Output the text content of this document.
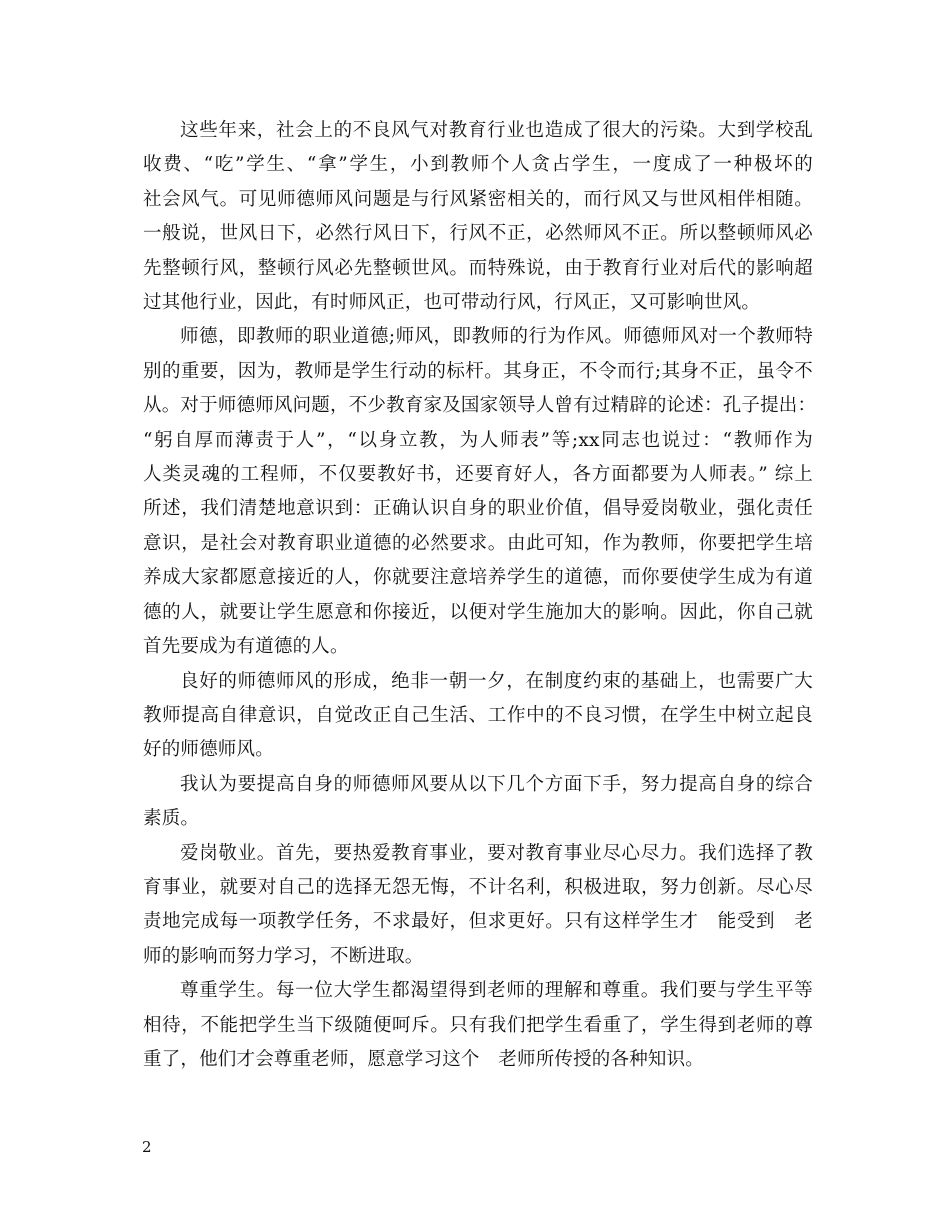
这些年来，社会上的不良风气对教育行业也造成了很大的污染。大到学校乱
收费、“吃”学生、“拿”学生，小到教师个人贪占学生，一度成了一种极坏的
社会风气。可见师德师风问题是与行风紧密相关的，而行风又与世风相伴相随。
一般说，世风日下，必然行风日下，行风不正，必然师风不正。所以整顿师风必
先整顿行风，整顿行风必先整顿世风。而特殊说，由于教育行业对后代的影响超
过其他行业，因此，有时师风正，也可带动行风，行风正，又可影响世风。
师德，即教师的职业道德;师风，即教师的行为作风。师德师风对一个教师特
别的重要，因为，教师是学生行动的标杆。其身正，不令而行;其身不正，虽令不
从。对于师德师风问题，不少教育家及国家领导人曾有过精辟的论述：孔子提出：
“躬自厚而薄责于人”，“以身立教，为人师表”等;xx同志也说过：“教师作为
人类灵魂的工程师，不仅要教好书，还要育好人，各方面都要为人师表。” 综上
所述，我们清楚地意识到：正确认识自身的职业价值，倡导爱岗敬业，强化责任
意识，是社会对教育职业道德的必然要求。由此可知，作为教师，你要把学生培
养成大家都愿意接近的人，你就要注意培养学生的道德，而你要使学生成为有道
德的人，就要让学生愿意和你接近，以便对学生施加大的影响。因此，你自己就
首先要成为有道德的人。
良好的师德师风的形成，绝非一朝一夕，在制度约束的基础上，也需要广大
教师提高自律意识，自觉改正自己生活、工作中的不良习惯，在学生中树立起良
好的师德师风。
我认为要提高自身的师德师风要从以下几个方面下手，努力提高自身的综合
素质。
爱岗敬业。首先，要热爱教育事业，要对教育事业尽心尽力。我们选择了教
育事业，就要对自己的选择无怨无悔，不计名利，积极进取，努力创新。尽心尽
责地完成每一项教学任务，不求最好，但求更好。只有这样学生才　能受到　老
师的影响而努力学习，不断进取。
尊重学生。每一位大学生都渴望得到老师的理解和尊重。我们要与学生平等
相待，不能把学生当下级随便呵斥。只有我们把学生看重了，学生得到老师的尊
重了，他们才会尊重老师，愿意学习这个　老师所传授的各种知识。
2
